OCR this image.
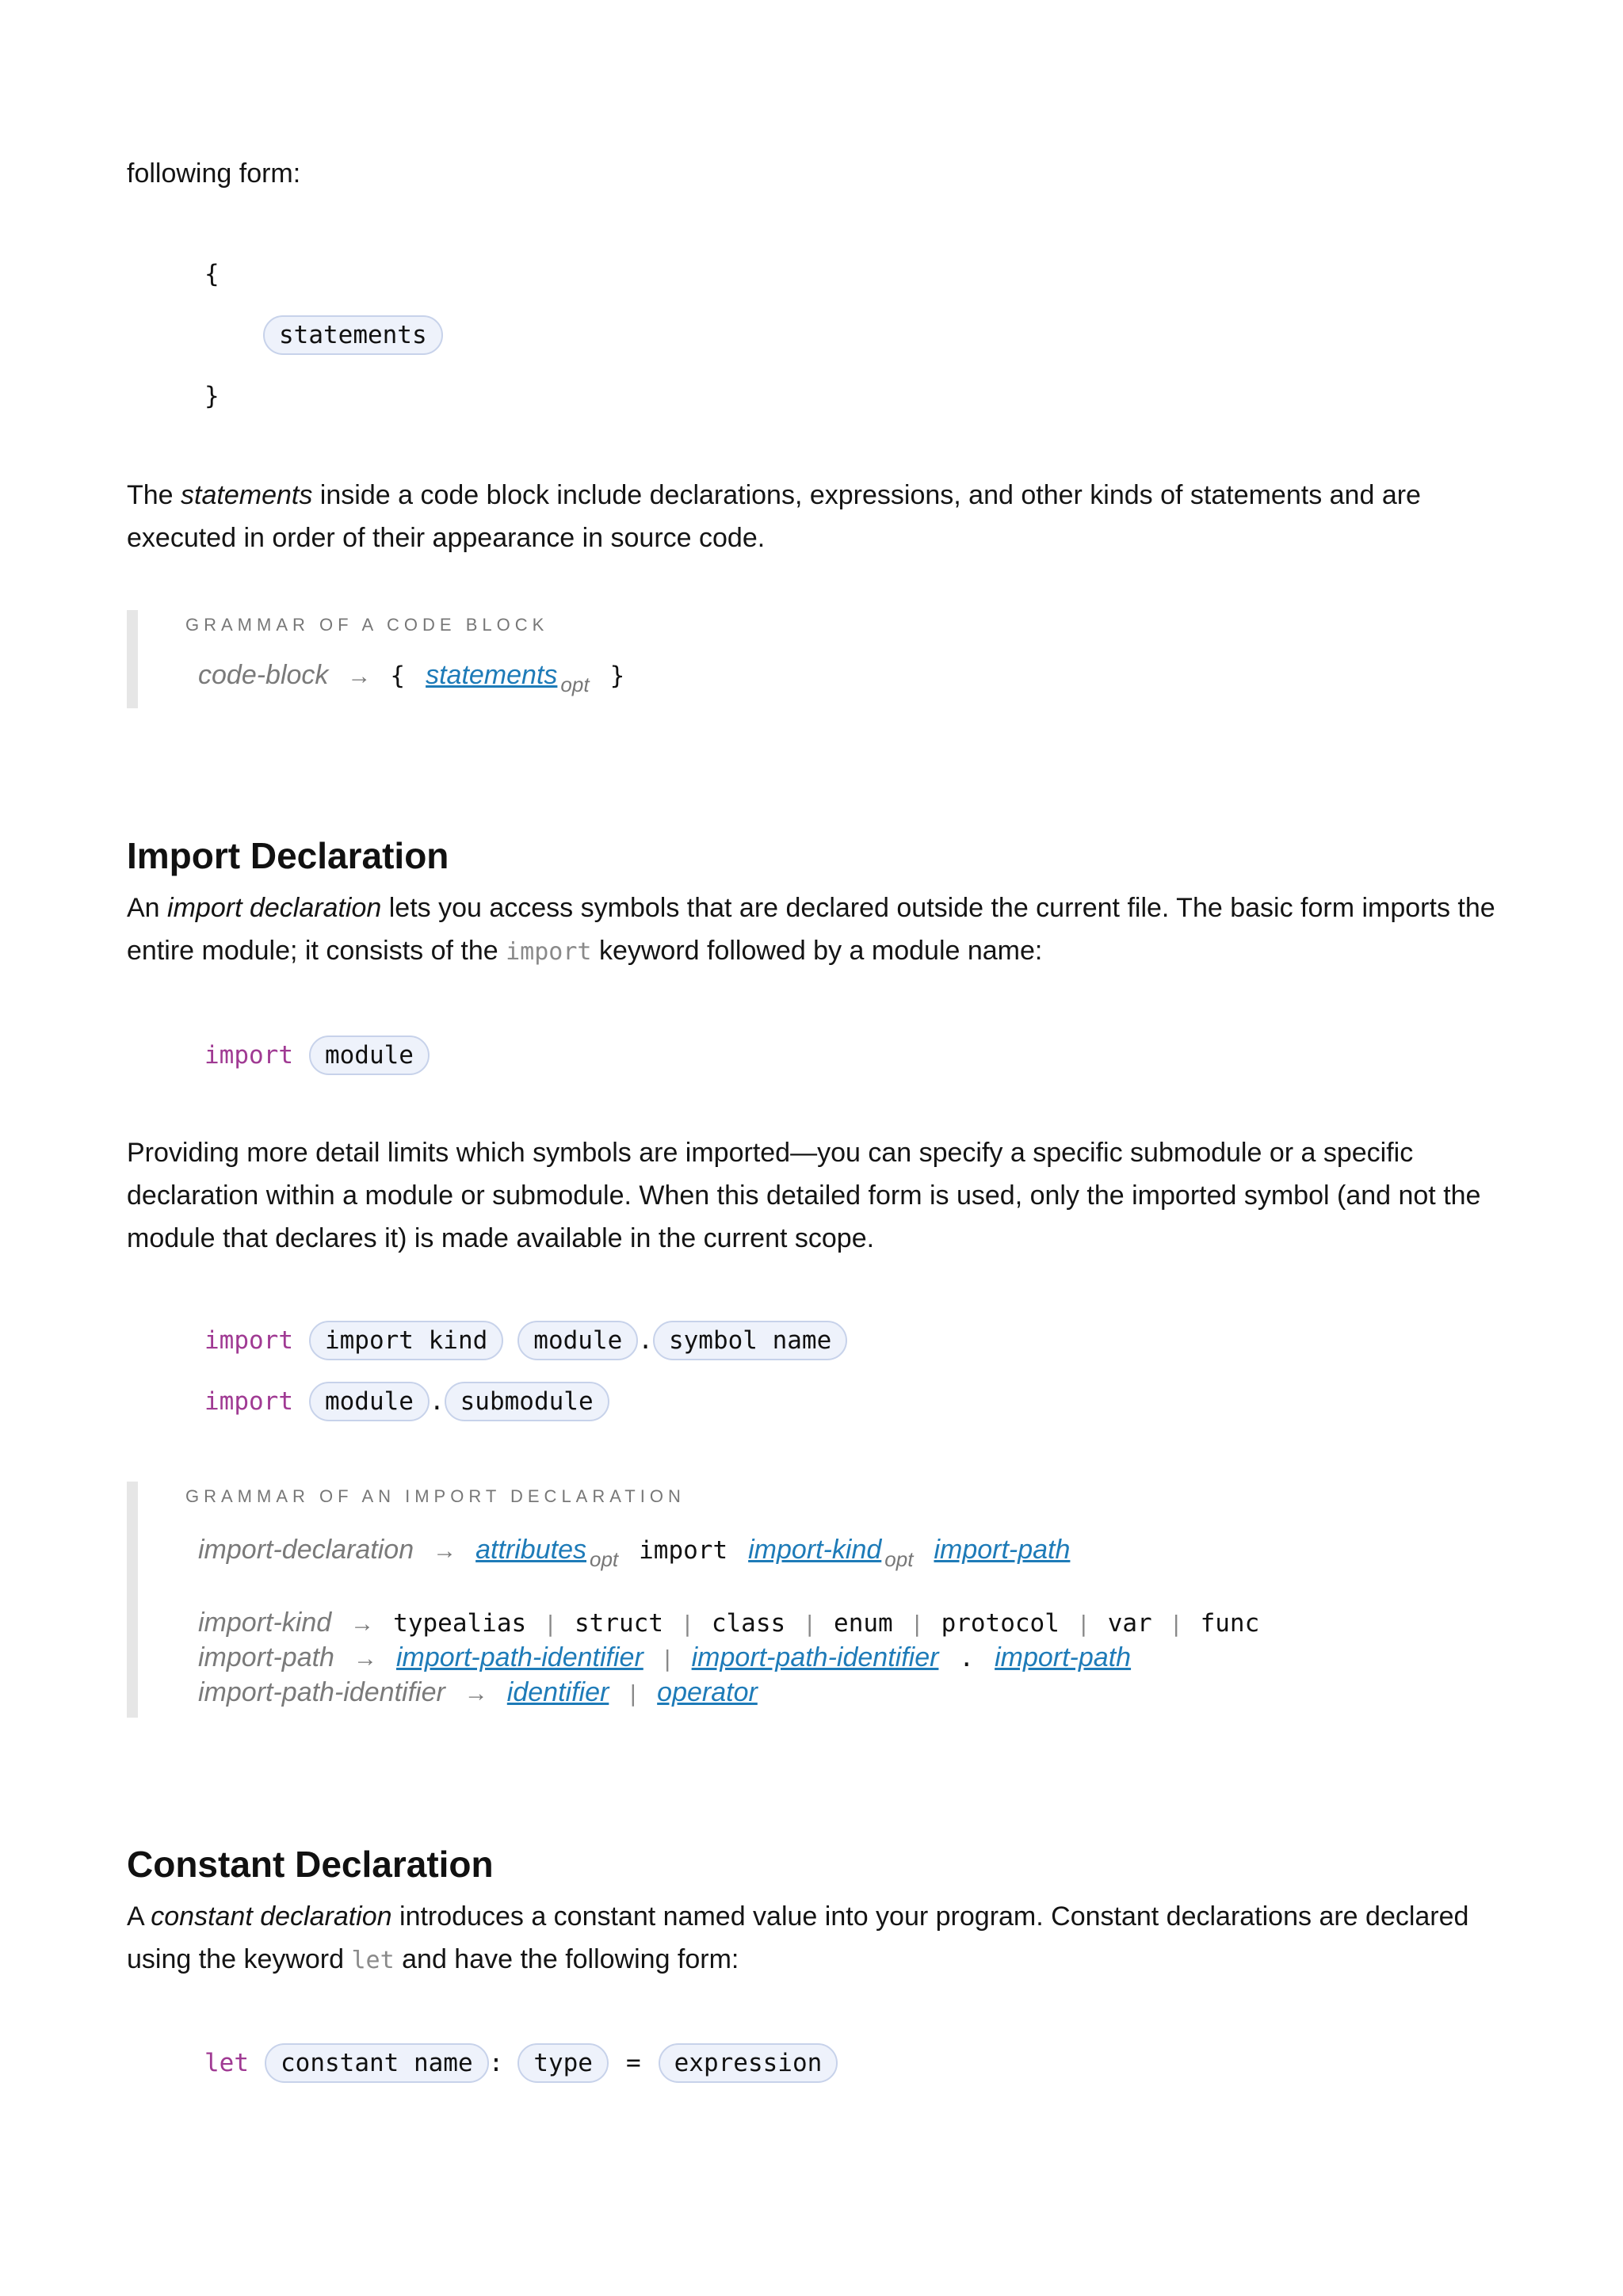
following form:

{
statements
}

The statements inside a code block include declarations, expressions, and other kinds of statements and are executed in order of their appearance in source code.

GRAMMAR OF A CODE BLOCK
code-block → { statements opt }
Import Declaration

An import declaration lets you access symbols that are declared outside the current file. The basic form imports the entire module; it consists of the import keyword followed by a module name:

import	module

Providing more detail limits which symbols are imported—you can specify a specific submodule or a specific declaration within a module or submodule. When this detailed form is used, only the imported symbol (and not the module that declares it) is made available in the current scope.

import	import kind	module . symbol name
import	module . submodule
GRAMMAR OF AN IMPORT DECLARATION
import-declaration → attributes opt import import-kind opt import-path
import-kind → typealias | struct | class | enum | protocol | var | func
import-path → import-path-identifier | import-path-identifier . import-path
import-path-identifier → identifier | operator
Constant Declaration

A constant declaration introduces a constant named value into your program. Constant declarations are declared using the keyword let and have the following form:

let	constant name :	type	=	expression
